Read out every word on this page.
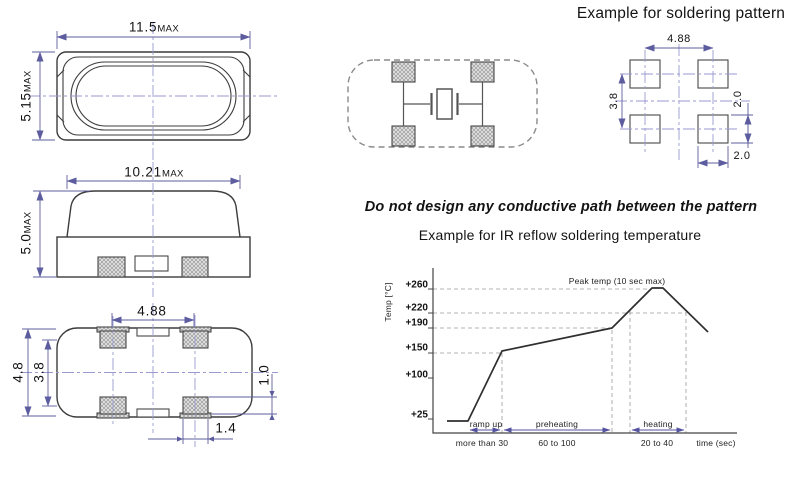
Example for soldering pattern
Do not design any conductive path between the pattern
Example for IR reflow soldering temperature
11.5MAX
5.15MAX
10.21MAX
5.0MAX
4.88
4.8 3.8	1.0
1.4
4.88
3.8	2.0
2.0
Temp [°C]
Peak temp (10 sec max)
time (sec)
+260
+220
+190
+150
+100
+25
ramp up
more than 30
preheating
60 to 100
heating
20 to 40
